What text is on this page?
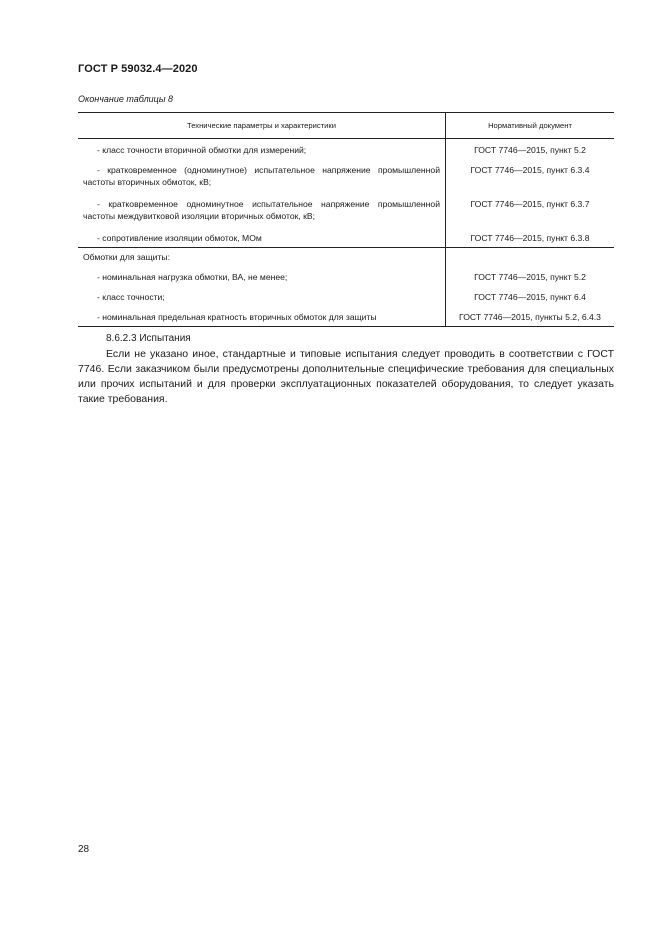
ГОСТ Р 59032.4—2020
Окончание таблицы 8
Технические параметры и характеристики	Нормативный документ
- класс точности вторичной обмотки для измерений;	ГОСТ 7746—2015, пункт 5.2
- кратковременное (одноминутное) испытательное напряжение промышленной частоты вторичных обмоток, кВ;	ГОСТ 7746—2015, пункт 6.3.4
- кратковременное одноминутное испытательное напряжение промышленной частоты междувитковой изоляции вторичных обмоток, кВ;	ГОСТ 7746—2015, пункт 6.3.7
- сопротивление изоляции обмоток, МОм	ГОСТ 7746—2015, пункт 6.3.8
Обмотки для защиты:	
- номинальная нагрузка обмотки, ВА, не менее;	ГОСТ 7746—2015, пункт 5.2
- класс точности;	ГОСТ 7746—2015, пункт 6.4
- номинальная предельная кратность вторичных обмоток для защиты	ГОСТ 7746—2015, пункты 5.2, 6.4.3
8.6.2.3 Испытания
Если не указано иное, стандартные и типовые испытания следует проводить в соответствии с ГОСТ 7746. Если заказчиком были предусмотрены дополнительные специфические требования для специальных или прочих испытаний и для проверки эксплуатационных показателей оборудования, то следует указать такие требования.
28
